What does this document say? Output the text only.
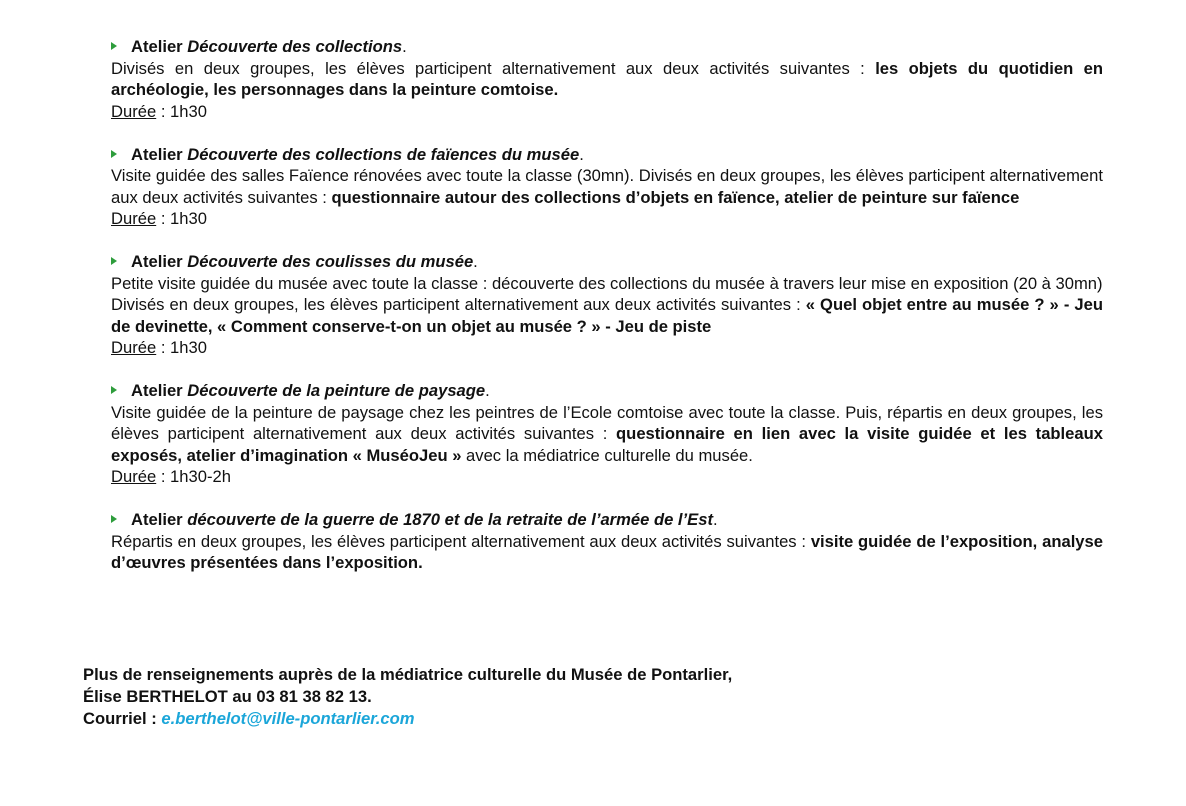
Atelier Découverte des collections.
Divisés en deux groupes, les élèves participent alternativement aux deux activités suivantes : les objets du quotidien en archéologie, les personnages dans la peinture comtoise.
Durée : 1h30
Atelier Découverte des collections de faïences du musée.
Visite guidée des salles Faïence rénovées avec toute la classe (30mn). Divisés en deux groupes, les élèves participent alternativement aux deux activités suivantes : questionnaire autour des collections d’objets en faïence, atelier de peinture sur faïence
Durée : 1h30
Atelier Découverte des coulisses du musée.
Petite visite guidée du musée avec toute la classe : découverte des collections du musée à travers leur mise en exposition (20 à 30mn)
Divisés en deux groupes, les élèves participent alternativement aux deux activités suivantes : « Quel objet entre au musée ? » - Jeu de devinette, « Comment conserve-t-on un objet au musée ? » - Jeu de piste
Durée : 1h30
Atelier Découverte de la peinture de paysage.
Visite guidée de la peinture de paysage chez les peintres de l’Ecole comtoise avec toute la classe. Puis, répartis en deux groupes, les élèves participent alternativement aux deux activités suivantes : questionnaire en lien avec la visite guidée et les tableaux exposés, atelier d’imagination « MuséoJeu » avec la médiatrice culturelle du musée.
Durée : 1h30-2h
Atelier découverte de la guerre de 1870 et de la retraite de l’armée de l’Est.
Répartis en deux groupes, les élèves participent alternativement aux deux activités suivantes : visite guidée de l’exposition, analyse d’œuvres présentées dans l’exposition.
Plus de renseignements auprès de la médiatrice culturelle du Musée de Pontarlier,
Élise BERTHELOT au 03 81 38 82 13.
Courriel : e.berthelot@ville-pontarlier.com
